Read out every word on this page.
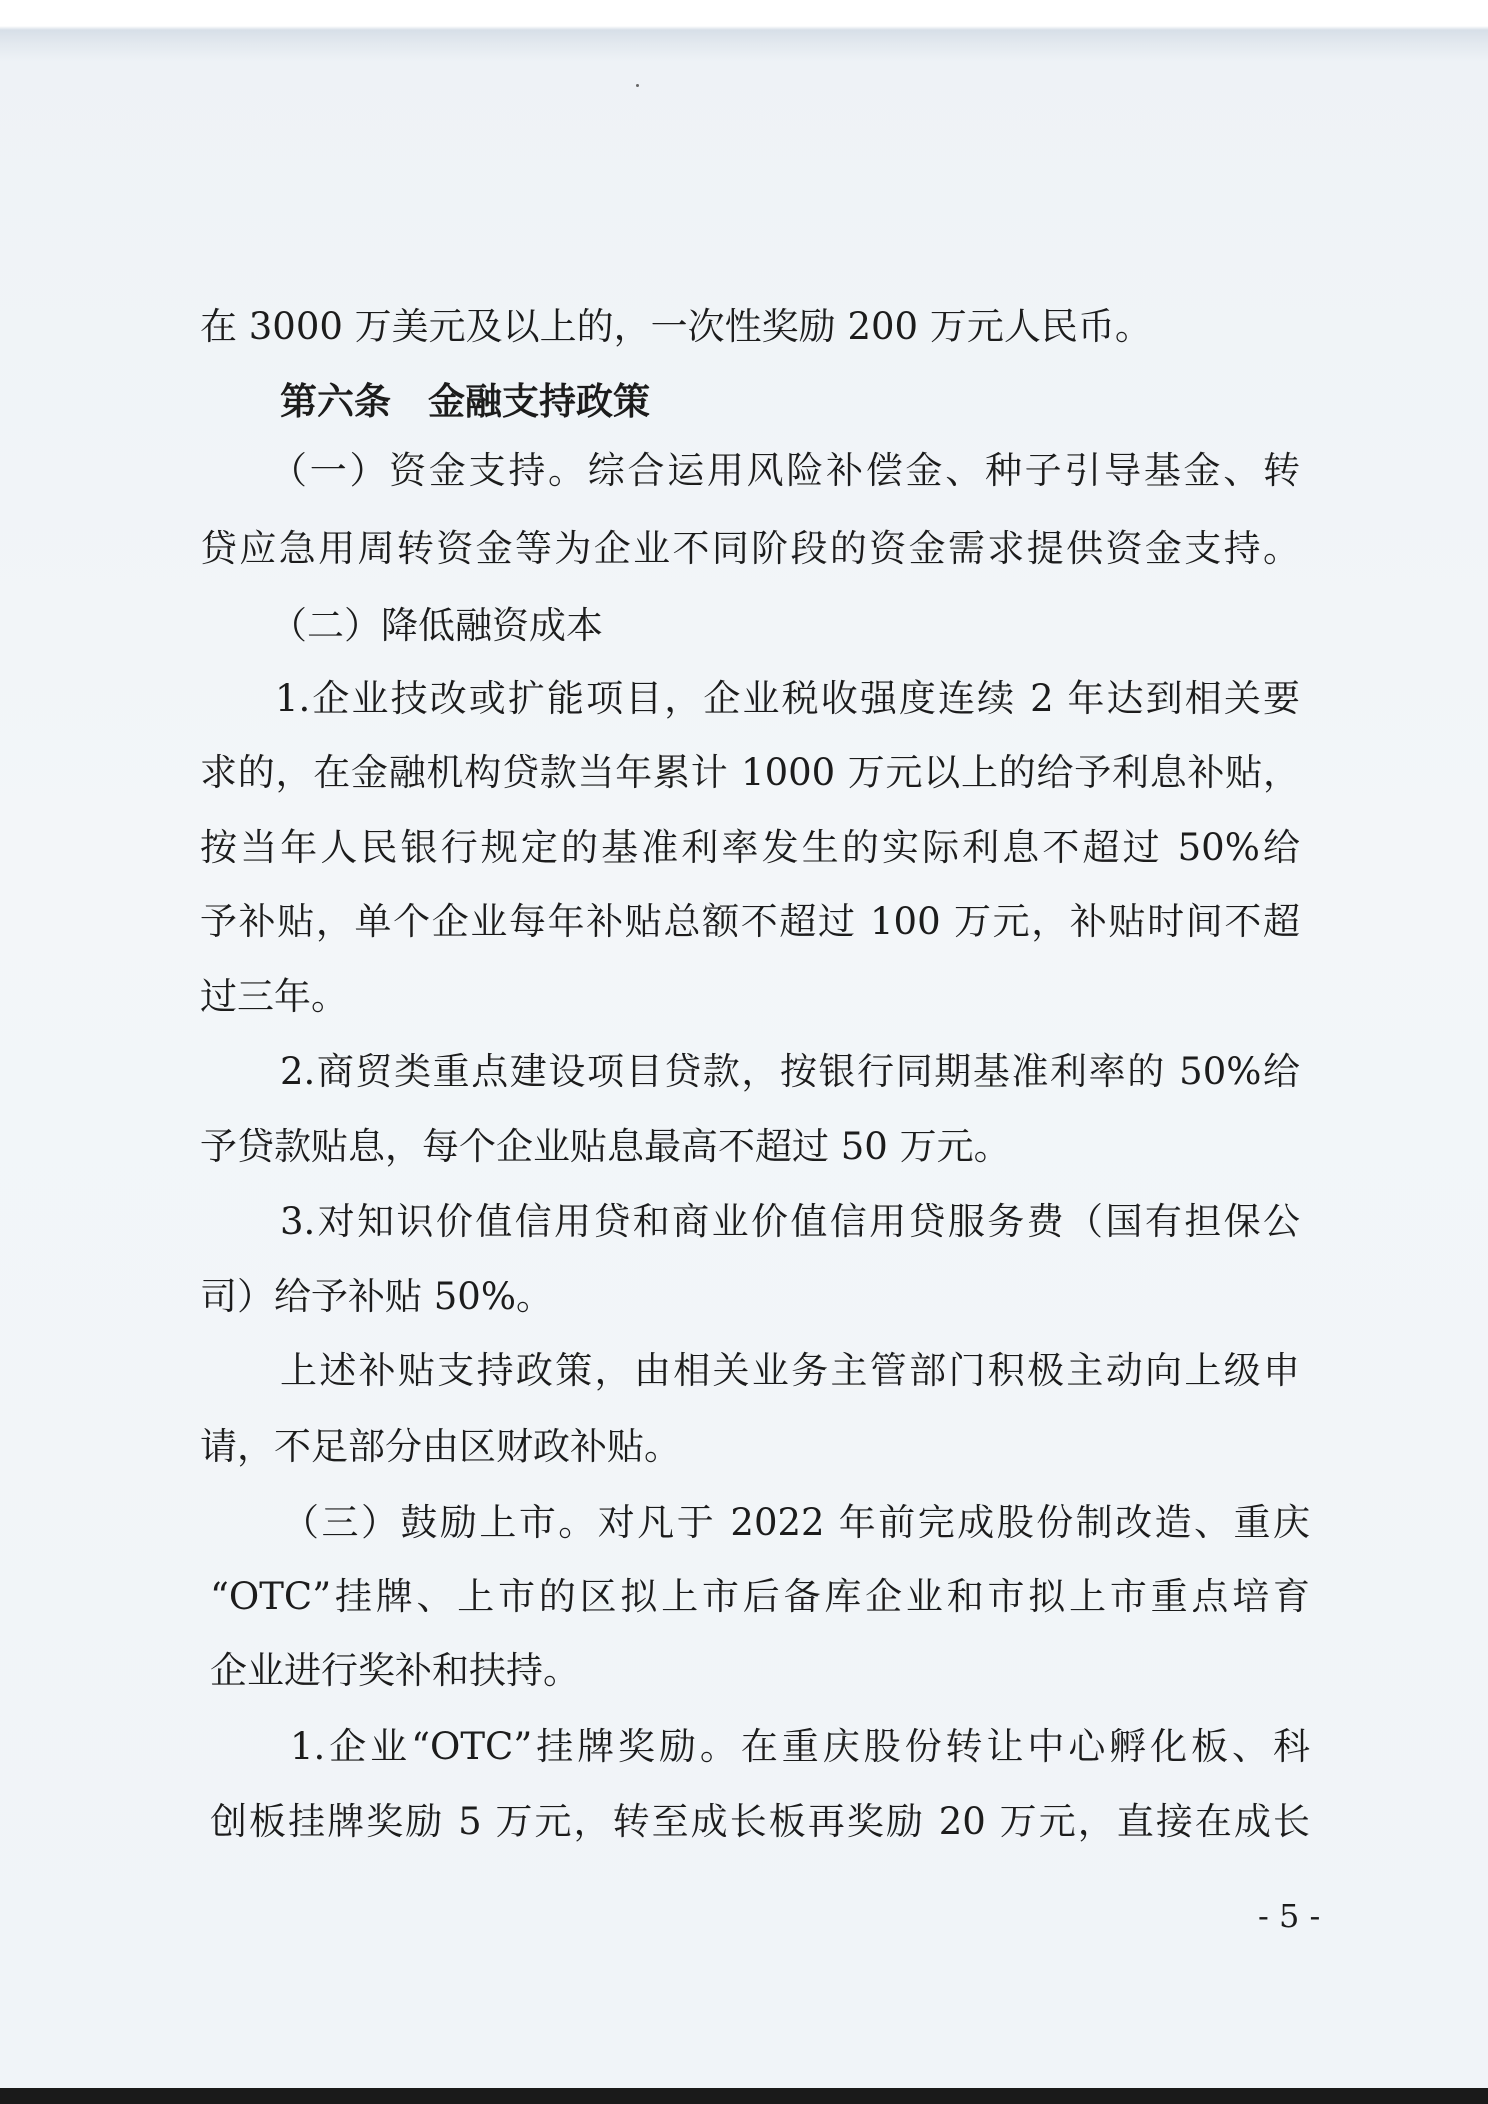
在 3000 万美元及以上的，一次性奖励 200 万元人民币。

第六条　金融支持政策

（一）资金支持。综合运用风险补偿金、种子引导基金、转

贷应急用周转资金等为企业不同阶段的资金需求提供资金支持。

（二）降低融资成本

1.企业技改或扩能项目，企业税收强度连续 2 年达到相关要

求的，在金融机构贷款当年累计 1000 万元以上的给予利息补贴，

按当年人民银行规定的基准利率发生的实际利息不超过 50%给

予补贴，单个企业每年补贴总额不超过 100 万元，补贴时间不超

过三年。

2.商贸类重点建设项目贷款，按银行同期基准利率的 50%给

予贷款贴息，每个企业贴息最高不超过 50 万元。

3.对知识价值信用贷和商业价值信用贷服务费（国有担保公

司）给予补贴 50%。

上述补贴支持政策，由相关业务主管部门积极主动向上级申

请，不足部分由区财政补贴。

（三）鼓励上市。对凡于 2022 年前完成股份制改造、重庆

“OTC”挂牌、上市的区拟上市后备库企业和市拟上市重点培育

企业进行奖补和扶持。

1.企业“OTC”挂牌奖励。在重庆股份转让中心孵化板、科

创板挂牌奖励 5 万元，转至成长板再奖励 20 万元，直接在成长

- 5 -
